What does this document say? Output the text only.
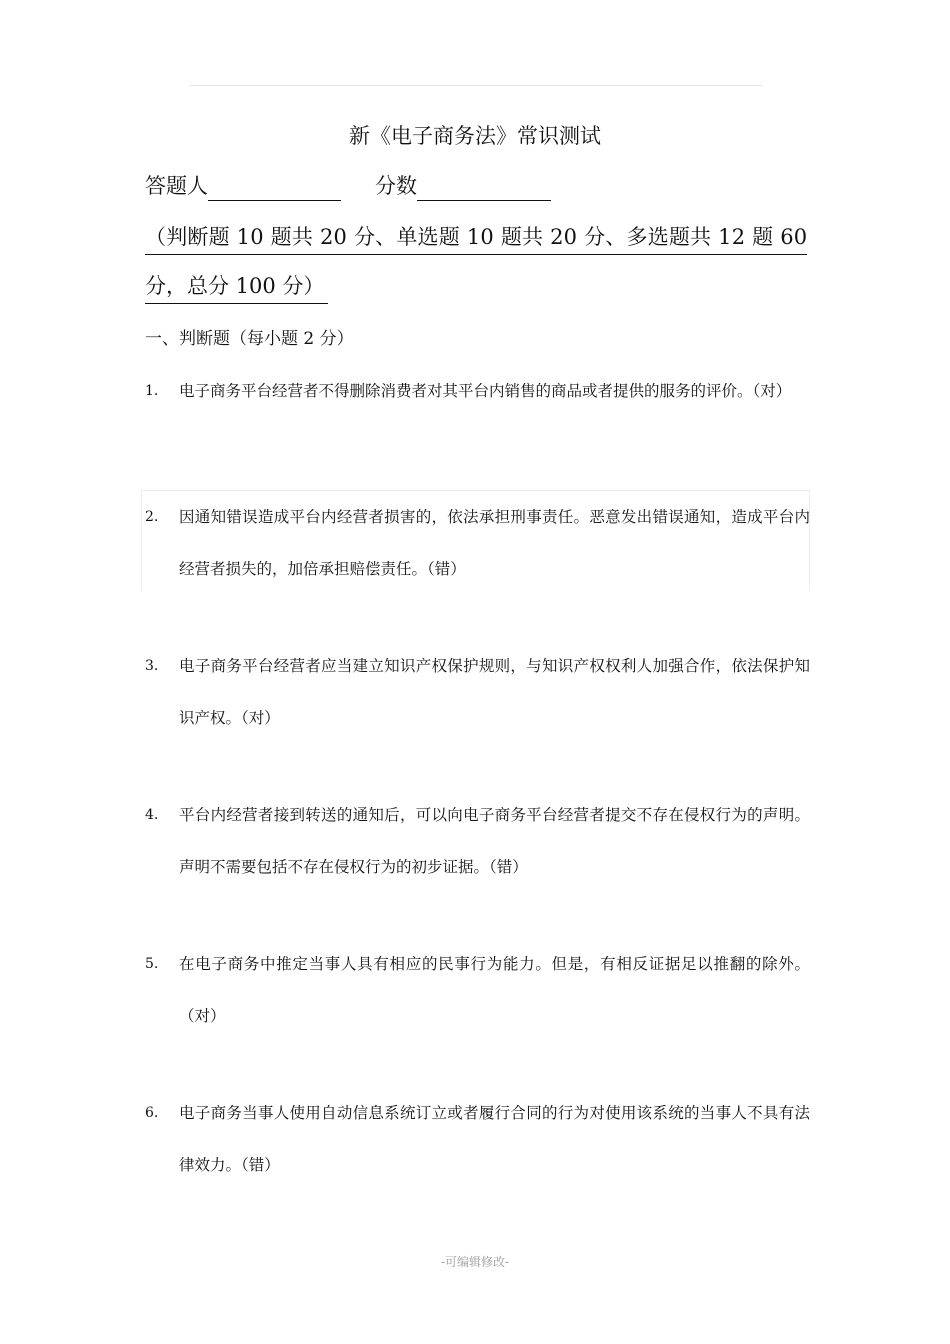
新《电子商务法》常识测试
答题人	分数
（判断题 10 题共 20 分、单选题 10 题共 20 分、多选题共 12 题 60
分，总分 100 分）
一、判断题（每小题 2 分）
1. 电子商务平台经营者不得删除消费者对其平台内销售的商品或者提供的服务的评价。（对）
2. 因通知错误造成平台内经营者损害的，依法承担刑事责任。恶意发出错误通知，造成平台内经营者损失的，加倍承担赔偿责任。（错）
3. 电子商务平台经营者应当建立知识产权保护规则，与知识产权权利人加强合作，依法保护知识产权。（对）
4. 平台内经营者接到转送的通知后，可以向电子商务平台经营者提交不存在侵权行为的声明。声明不需要包括不存在侵权行为的初步证据。（错）
5. 在电子商务中推定当事人具有相应的民事行为能力。但是，有相反证据足以推翻的除外。（对）
6. 电子商务当事人使用自动信息系统订立或者履行合同的行为对使用该系统的当事人不具有法律效力。（错）
-可编辑修改-
